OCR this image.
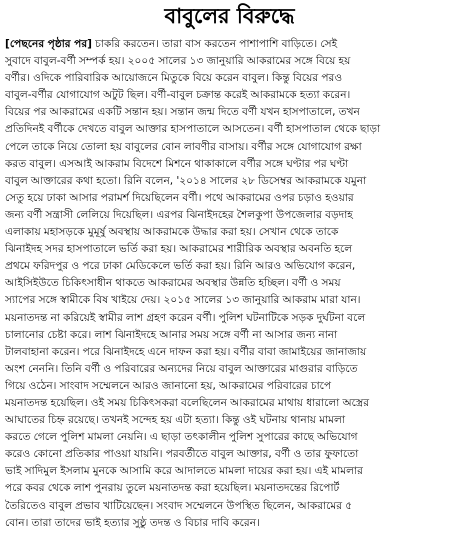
বাবুলের বিরুদ্ধে
[পেছনের পৃষ্ঠার পর] চাকরি করতেন। তারা বাস করতেন পাশাপাশি বাড়িতে। সেই
সুবাদে বাবুল-বর্ণী সম্পর্ক হয়। ২০০৫ সালের ১৩ জানুয়ারি আকরামের সঙ্গে বিয়ে হয়
বর্ণীর। ওদিকে পারিবারিক আয়োজনে মিতুকে বিয়ে করেন বাবুল। কিন্তু বিয়ের পরও
বাবুল-বর্ণীর যোগাযোগ অটুট ছিল। বর্ণী-বাবুল চক্রান্ত করেই আকরামকে হত্যা করেন।
বিয়ের পর আকরামের একটি সন্তান হয়। সন্তান জন্ম দিতে বর্ণী যখন হাসপাতালে, তখন
প্রতিদিনই বর্ণীকে দেখতে বাবুল আক্তার হাসপাতালে আসতেন। বর্ণী হাসপাতাল থেকে ছাড়া
পেলে তাকে নিয়ে তোলা হয় বাবুলের বোন লাবণীর বাসায়। বর্ণীর সঙ্গে যোগাযোগ রক্ষা
করত বাবুল। এসআই আকরাম বিদেশে মিশনে থাকাকালে বর্ণীর সঙ্গে ঘণ্টার পর ঘণ্টা
বাবুল আক্তারের কথা হতো। রিনি বলেন, '২০১৪ সালের ২৮ ডিসেম্বর আকরামকে যমুনা
সেতু হয়ে ঢাকা আসার পরামর্শ দিয়েছিলেন বর্ণী। পথে আকরামের ওপর চড়াও হওয়ার
জন্য বর্ণী সন্ত্রাসী লেলিয়ে দিয়েছিল। এরপর ঝিনাইদহের শৈলকুপা উপজেলার বড়দাহ
এলাকায় মহাসড়কে মুমূর্ষু অবস্থায় আকরামকে উদ্ধার করা হয়। সেখান থেকে তাকে
ঝিনাইদহ সদর হাসপাতালে ভর্তি করা হয়। আকরামের শারীরিক অবস্থার অবনতি হলে
প্রথমে ফরিদপুর ও পরে ঢাকা মেডিকেলে ভর্তি করা হয়। রিনি আরও অভিযোগ করেন,
আইসিইউতে চিকিৎসাধীন থাকতে আকরামের অবস্থার উন্নতি হচ্ছিল। বর্ণী ও সময়
স্যাপের সঙ্গে স্বামীকে বিষ খাইয়ে দেয়। ২০১৫ সালের ১৩ জানুয়ারি আকরাম মারা যান।
ময়নাতদন্ত না করিয়েই স্বামীর লাশ গ্রহণ করেন বর্ণী। পুলিশ ঘটনাটিকে সড়ক দুর্ঘটনা বলে
চালানোর চেষ্টা করে। লাশ ঝিনাইদহে আনার সময় সঙ্গে বর্ণী না আসার জন্য নানা
টালবাহানা করেন। পরে ঝিনাইদহে এনে দাফন করা হয়। বর্ণীর বাবা জামাইয়ের জানাজায়
অংশ নেননি। তিনি বর্ণী ও পরিবারের অন্যদের নিয়ে বাবুল আক্তারের মাগুরার বাড়িতে
গিয়ে ওঠেন। সাংবাদ সম্মেলনে আরও জানানো হয়, আকরামের পরিবারের চাপে
ময়নাতদন্ত হয়েছিল। ওই সময় চিকিৎসকরা বলেছিলেন আকরামের মাথায় ধারালো অস্ত্রের
আঘাতের চিহ্ন রয়েছে। তখনই সন্দেহ হয় এটা হত্যা। কিন্তু ওই ঘটনায় থানায় মামলা
করতে গেলে পুলিশ মামলা নেয়নি। এ ছাড়া তৎকালীন পুলিশ সুপারের কাছে অভিযোগ
করেও কোনো প্রতিকার পাওয়া যায়নি। পরবর্তীতে বাবুল আক্তার, বর্ণী ও তার ফুফাতো
ভাই সাদিমুল ইসলাম মুনকে আসামি করে আদালতে মামলা দায়ের করা হয়। এই মামলার
পরে কবর থেকে লাশ পুনরায় তুলে ময়নাতদন্ত করা হয়েছিল। ময়নাতদন্তের রিপোর্ট
তৈরিতেও বাবুল প্রভাব খাটিয়েছেন। সংবাদ সম্মেলনে উপস্থিত ছিলেন, আকরামের ৫
বোন। তারা তাদের ভাই হত্যার সুষ্ঠু তদন্ত ও বিচার দাবি করেন।
